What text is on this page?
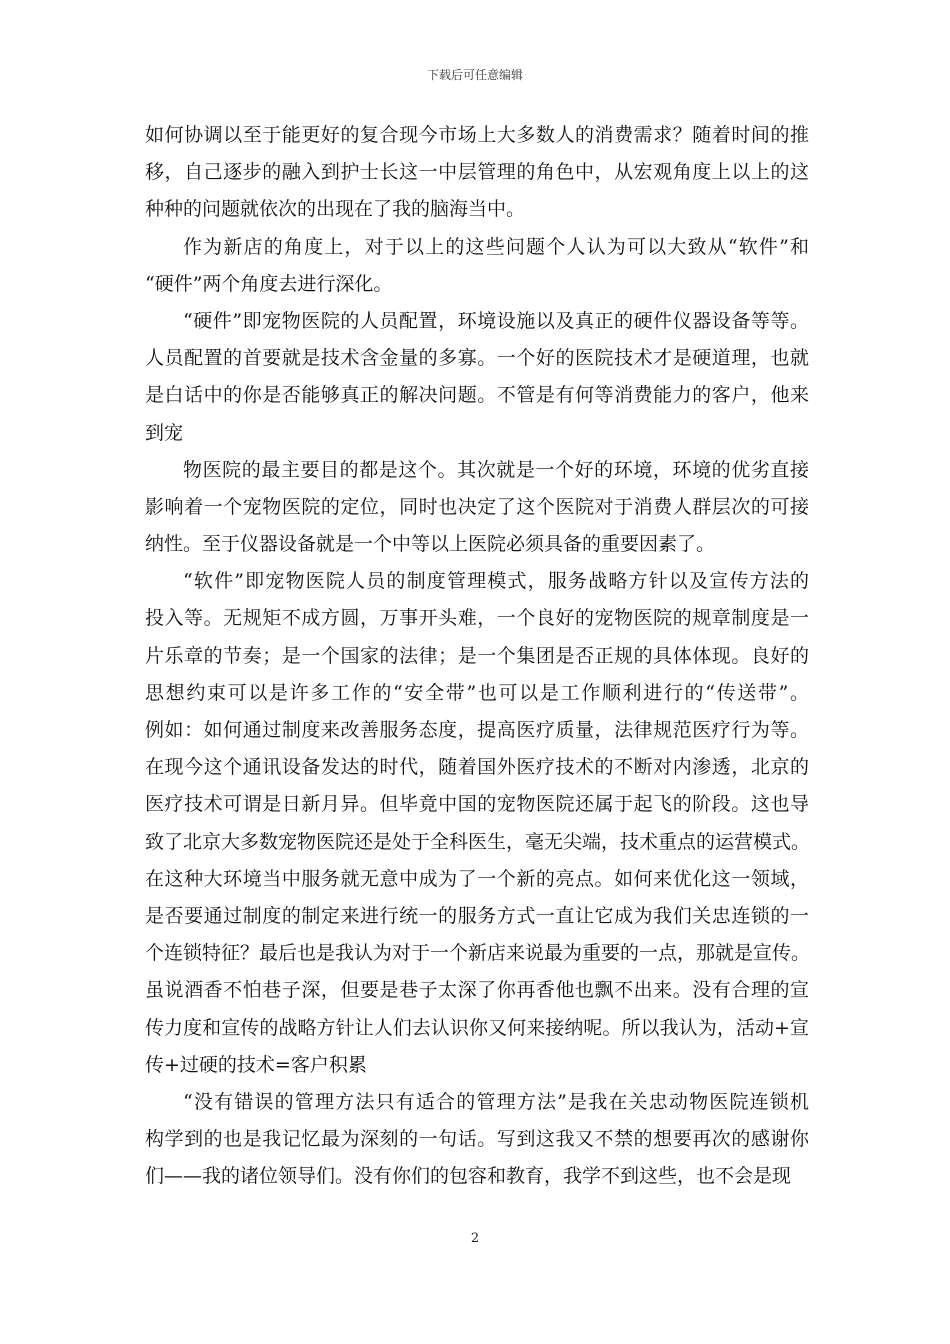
下载后可任意编辑
如何协调以至于能更好的复合现今市场上大多数人的消费需求？随着时间的推
移，自己逐步的融入到护士长这一中层管理的角色中，从宏观角度上以上的这
种种的问题就依次的出现在了我的脑海当中。
作为新店的角度上，对于以上的这些问题个人认为可以大致从“软件”和
“硬件”两个角度去进行深化。
“硬件”即宠物医院的人员配置，环境设施以及真正的硬件仪器设备等等。
人员配置的首要就是技术含金量的多寡。一个好的医院技术才是硬道理，也就
是白话中的你是否能够真正的解决问题。不管是有何等消费能力的客户，他来
到宠
物医院的最主要目的都是这个。其次就是一个好的环境，环境的优劣直接
影响着一个宠物医院的定位，同时也决定了这个医院对于消费人群层次的可接
纳性。至于仪器设备就是一个中等以上医院必须具备的重要因素了。
“软件”即宠物医院人员的制度管理模式，服务战略方针以及宣传方法的
投入等。无规矩不成方圆，万事开头难，一个良好的宠物医院的规章制度是一
片乐章的节奏；是一个国家的法律；是一个集团是否正规的具体体现。良好的
思想约束可以是许多工作的“安全带”也可以是工作顺利进行的“传送带”。
例如：如何通过制度来改善服务态度，提高医疗质量，法律规范医疗行为等。
在现今这个通讯设备发达的时代，随着国外医疗技术的不断对内渗透，北京的
医疗技术可谓是日新月异。但毕竟中国的宠物医院还属于起飞的阶段。这也导
致了北京大多数宠物医院还是处于全科医生，毫无尖端，技术重点的运营模式。
在这种大环境当中服务就无意中成为了一个新的亮点。如何来优化这一领域，
是否要通过制度的制定来进行统一的服务方式一直让它成为我们关忠连锁的一
个连锁特征？最后也是我认为对于一个新店来说最为重要的一点，那就是宣传。
虽说酒香不怕巷子深，但要是巷子太深了你再香他也飘不出来。没有合理的宣
传力度和宣传的战略方针让人们去认识你又何来接纳呢。所以我认为，活动+宣
传+过硬的技术=客户积累
“没有错误的管理方法只有适合的管理方法”是我在关忠动物医院连锁机
构学到的也是我记忆最为深刻的一句话。写到这我又不禁的想要再次的感谢你
们——我的诸位领导们。没有你们的包容和教育，我学不到这些，也不会是现
2
